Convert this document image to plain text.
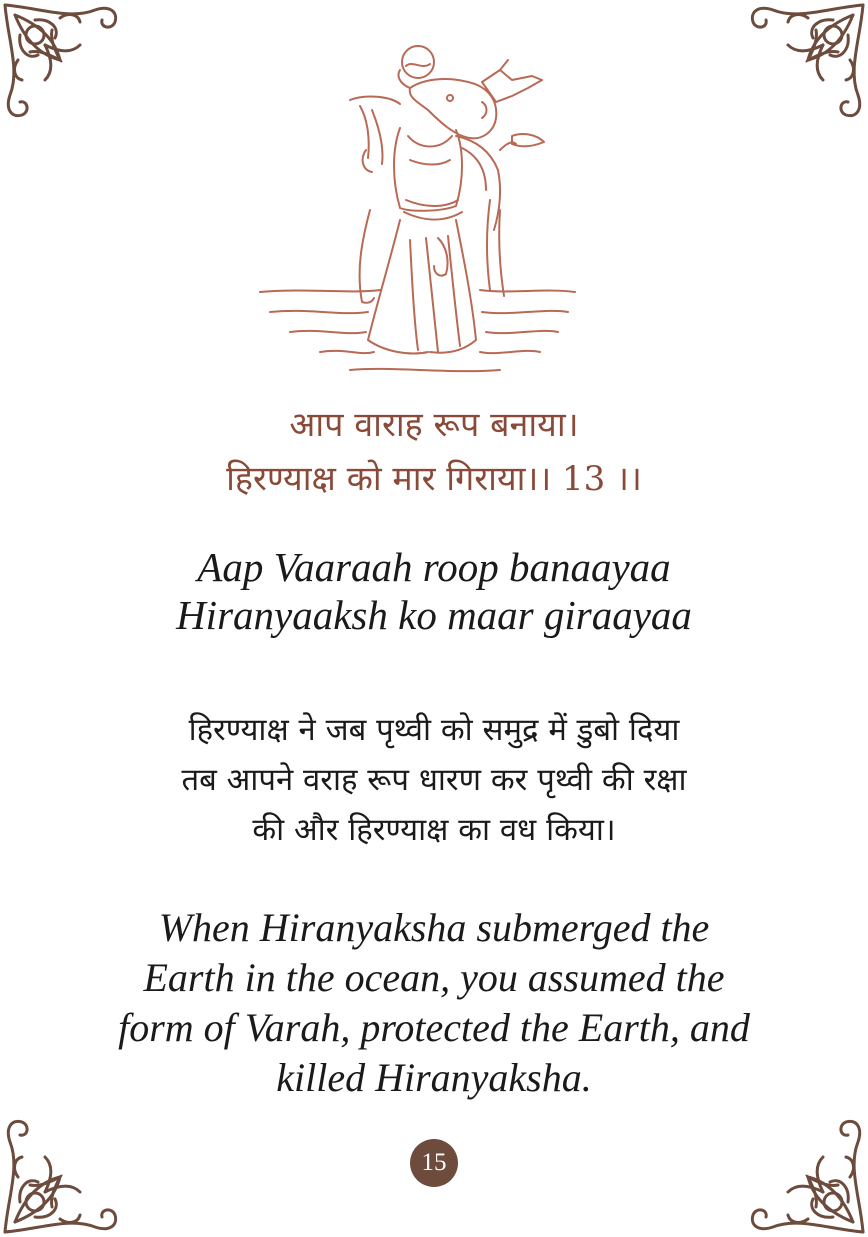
आप वाराह रूप बनाया।
हिरण्याक्ष को मार गिराया।। 13 ।।
Aap Vaaraah roop banaayaa
Hiranyaaksh ko maar giraayaa
हिरण्याक्ष ने जब पृथ्वी को समुद्र में डुबो दिया
तब आपने वराह रूप धारण कर पृथ्वी की रक्षा
की और हिरण्याक्ष का वध किया।
When Hiranyaksha submerged the
Earth in the ocean, you assumed the
form of Varah, protected the Earth, and
killed Hiranyaksha.
15
